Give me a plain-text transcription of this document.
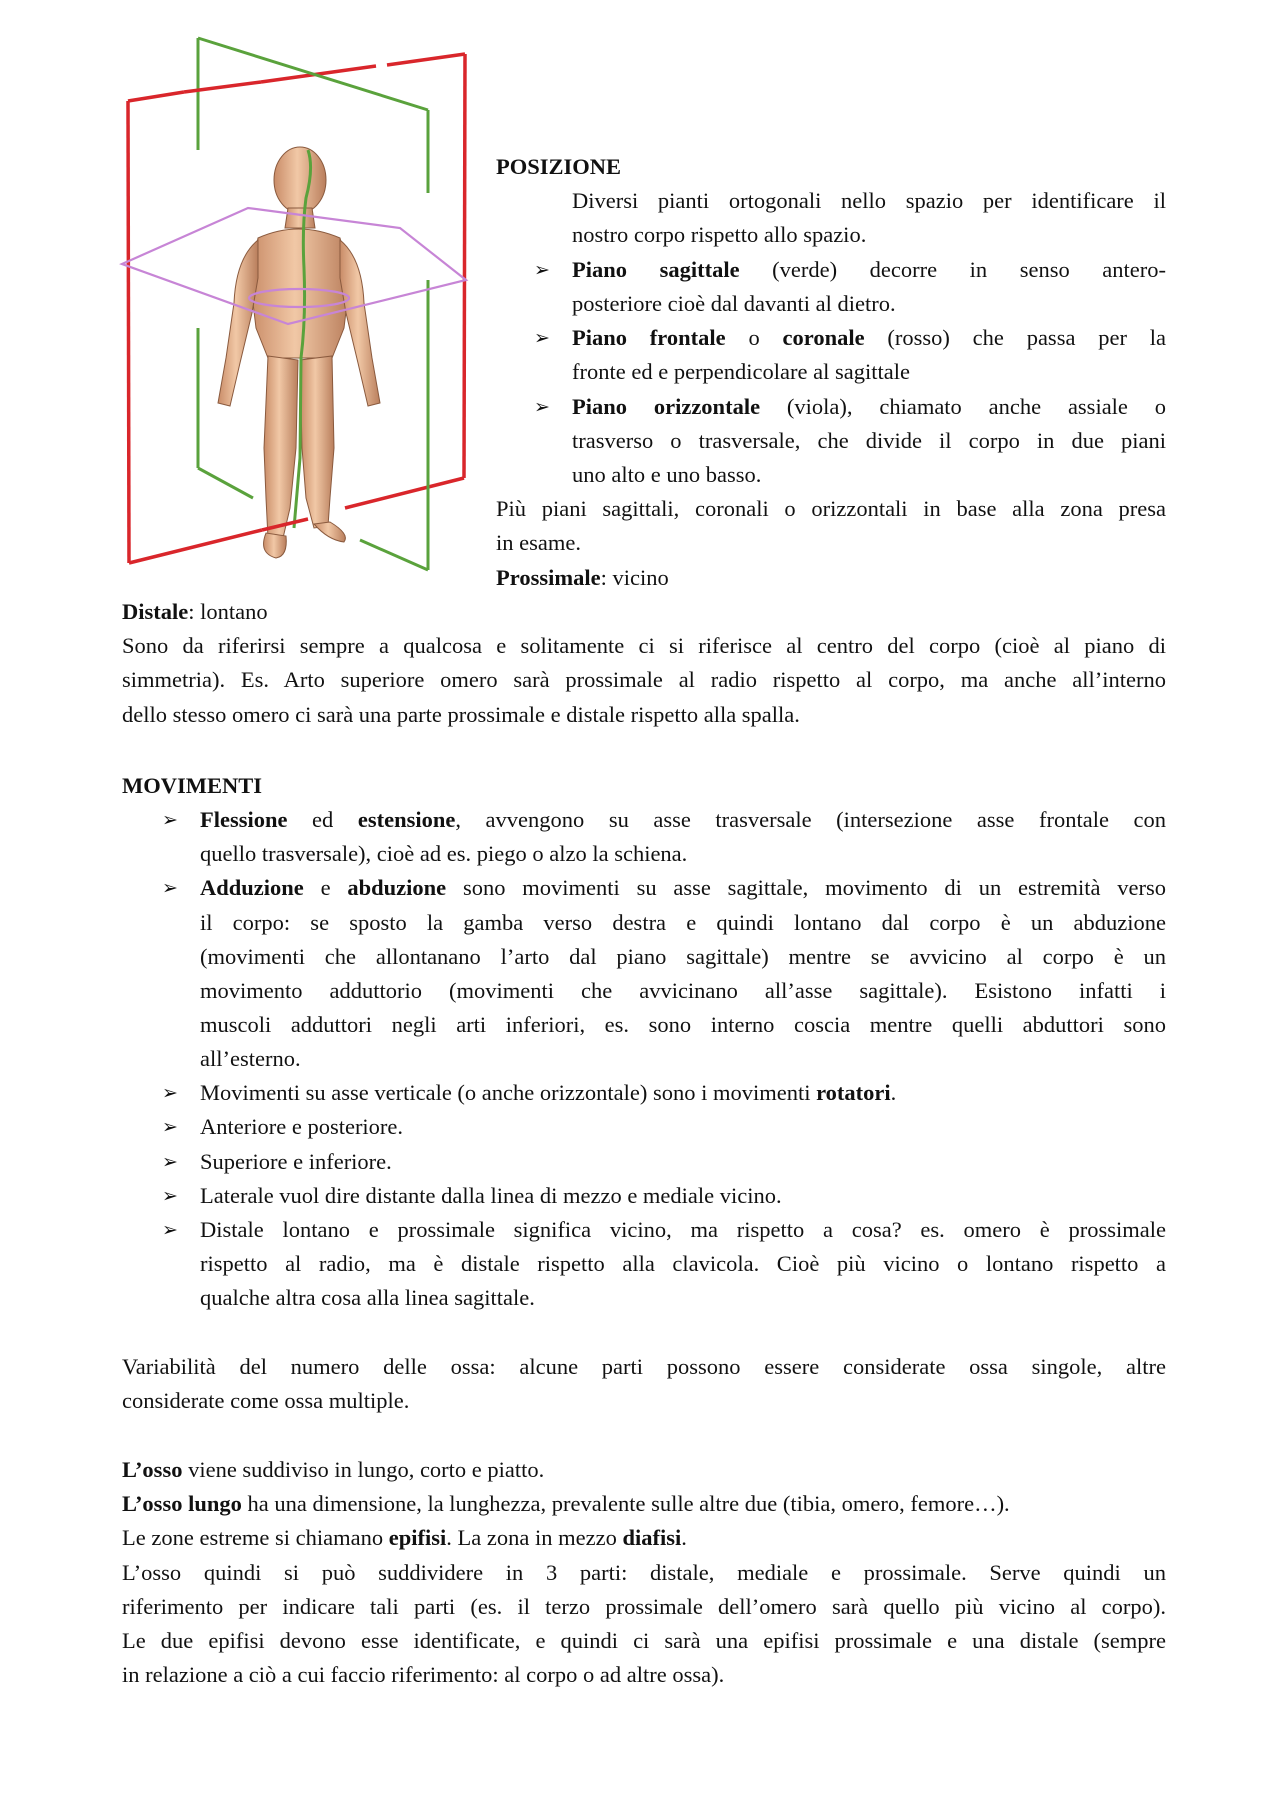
POSIZIONE
Diversi pianti ortogonali nello spazio per identificare il
nostro corpo rispetto allo spazio.
➢ Piano sagittale (verde) decorre in senso antero-
posteriore cioè dal davanti al dietro.
➢ Piano frontale o coronale (rosso) che passa per la
fronte ed e perpendicolare al sagittale
➢ Piano orizzontale (viola), chiamato anche assiale o
trasverso o trasversale, che divide il corpo in due piani
uno alto e uno basso.
Più piani sagittali, coronali o orizzontali in base alla zona presa
in esame.
Prossimale: vicino
Distale: lontano
Sono da riferirsi sempre a qualcosa e solitamente ci si riferisce al centro del corpo (cioè al piano di
simmetria). Es. Arto superiore omero sarà prossimale al radio rispetto al corpo, ma anche all’interno
dello stesso omero ci sarà una parte prossimale e distale rispetto alla spalla.
MOVIMENTI
➢ Flessione ed estensione, avvengono su asse trasversale (intersezione asse frontale con
quello trasversale), cioè ad es. piego o alzo la schiena.
➢ Adduzione e abduzione sono movimenti su asse sagittale, movimento di un estremità verso
il corpo: se sposto la gamba verso destra e quindi lontano dal corpo è un abduzione
(movimenti che allontanano l’arto dal piano sagittale) mentre se avvicino al corpo è un
movimento adduttorio (movimenti che avvicinano all’asse sagittale). Esistono infatti i
muscoli adduttori negli arti inferiori, es. sono interno coscia mentre quelli abduttori sono
all’esterno.
➢ Movimenti su asse verticale (o anche orizzontale) sono i movimenti rotatori.
➢ Anteriore e posteriore.
➢ Superiore e inferiore.
➢ Laterale vuol dire distante dalla linea di mezzo e mediale vicino.
➢ Distale lontano e prossimale significa vicino, ma rispetto a cosa? es. omero è prossimale
rispetto al radio, ma è distale rispetto alla clavicola. Cioè più vicino o lontano rispetto a
qualche altra cosa alla linea sagittale.
Variabilità del numero delle ossa: alcune parti possono essere considerate ossa singole, altre
considerate come ossa multiple.
L’osso viene suddiviso in lungo, corto e piatto.
L’osso lungo ha una dimensione, la lunghezza, prevalente sulle altre due (tibia, omero, femore…).
Le zone estreme si chiamano epifisi. La zona in mezzo diafisi.
L’osso quindi si può suddividere in 3 parti: distale, mediale e prossimale. Serve quindi un
riferimento per indicare tali parti (es. il terzo prossimale dell’omero sarà quello più vicino al corpo).
Le due epifisi devono esse identificate, e quindi ci sarà una epifisi prossimale e una distale (sempre
in relazione a ciò a cui faccio riferimento: al corpo o ad altre ossa).
